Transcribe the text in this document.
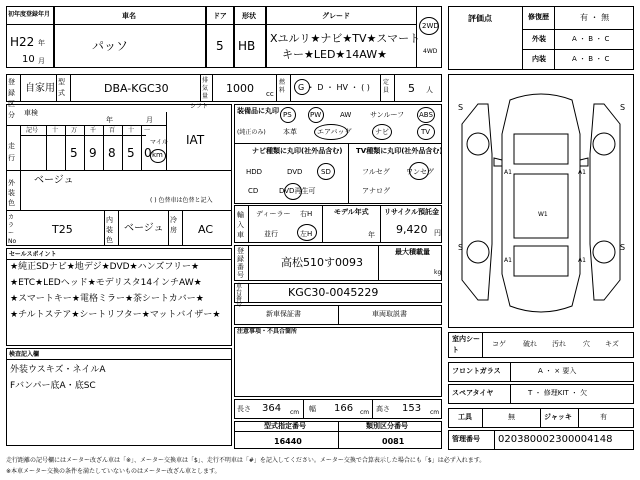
初年度登録年月
H22 年
10 月
車名
パッソ
ドア
5
形状
HB
グレード
Xユルリ★ナビ★TV★スマート
キー★LED★14AW★
2WD
4WD
登録区分
自家用
型式	DBA-KGC30
排気量
1000 cc
燃料 G ・ D ・ HV ・ ( )
定員 5 人
車検
年	月
シフト
IAT
走行
記号 十 万 千 百 十 一
5 9 8 5 0
マイル
km
外装色
ベージュ
( ) 色替車は色替と記入
カラーNo
T25
内装色
ベージュ
冷房 AC
装備品に丸印
(純正のみ)
PS	PW	AW	サンルーフ ABS
本革	エアバッグ	ナビ	TV
ナビ種類に丸印(社外品含む) TV種類に丸印(社外品含む)
HDD	DVD	SD
CD	DVD再生可
フルセグ ワンセグ
アナログ
輸入車
ディーラー
並行
右H
左H
モデル年式
年
リサイクル預託金
9,420 円
登録番号
高松510す0093
最大積載量
kg
車台番号
KGC30-0045229
新車保証書	車両取説書
セールスポイント
★純正SDナビ★地デジ★DVD★ハンズフリー★
★ETC★LEDヘッド★モデリスタ14インチAW★
★スマートキー★電格ミラー★茶シートカバー★
★チルトステア★シートリフター★マットバイザー★
検査記入欄
外装ウスキズ・ネイルA
Fバンパー底A・底SC
注意事項・不具合箇所
長さ 364 cm 幅 166 cm 高さ 153 cm
型式指定番号
16440
類別区分番号
0081
評価点	修復歴	有 ・ 無
外装	A ・ B ・ C
内装	A ・ B ・ C
S	S
S	S
A1	A1
A1	A1
W1
室内シート
コゲ 破れ 汚れ 穴 キズ
フロントガラス	A ・ × 要入
スペアタイヤ	T ・ 修理KIT ・ 欠
工具	無	ジャッキ	有
管理番号 020380002300004148
走行距離の記号欄にはメーター改ざん車は「※」、メーター交換車は「$」、走行不明車は「#」を記入してください。メーター交換で合算表示した場合にも「$」は必ず入れます。
※本車メーター交換の条件を満たしていないものはメーター改ざん車とします。
